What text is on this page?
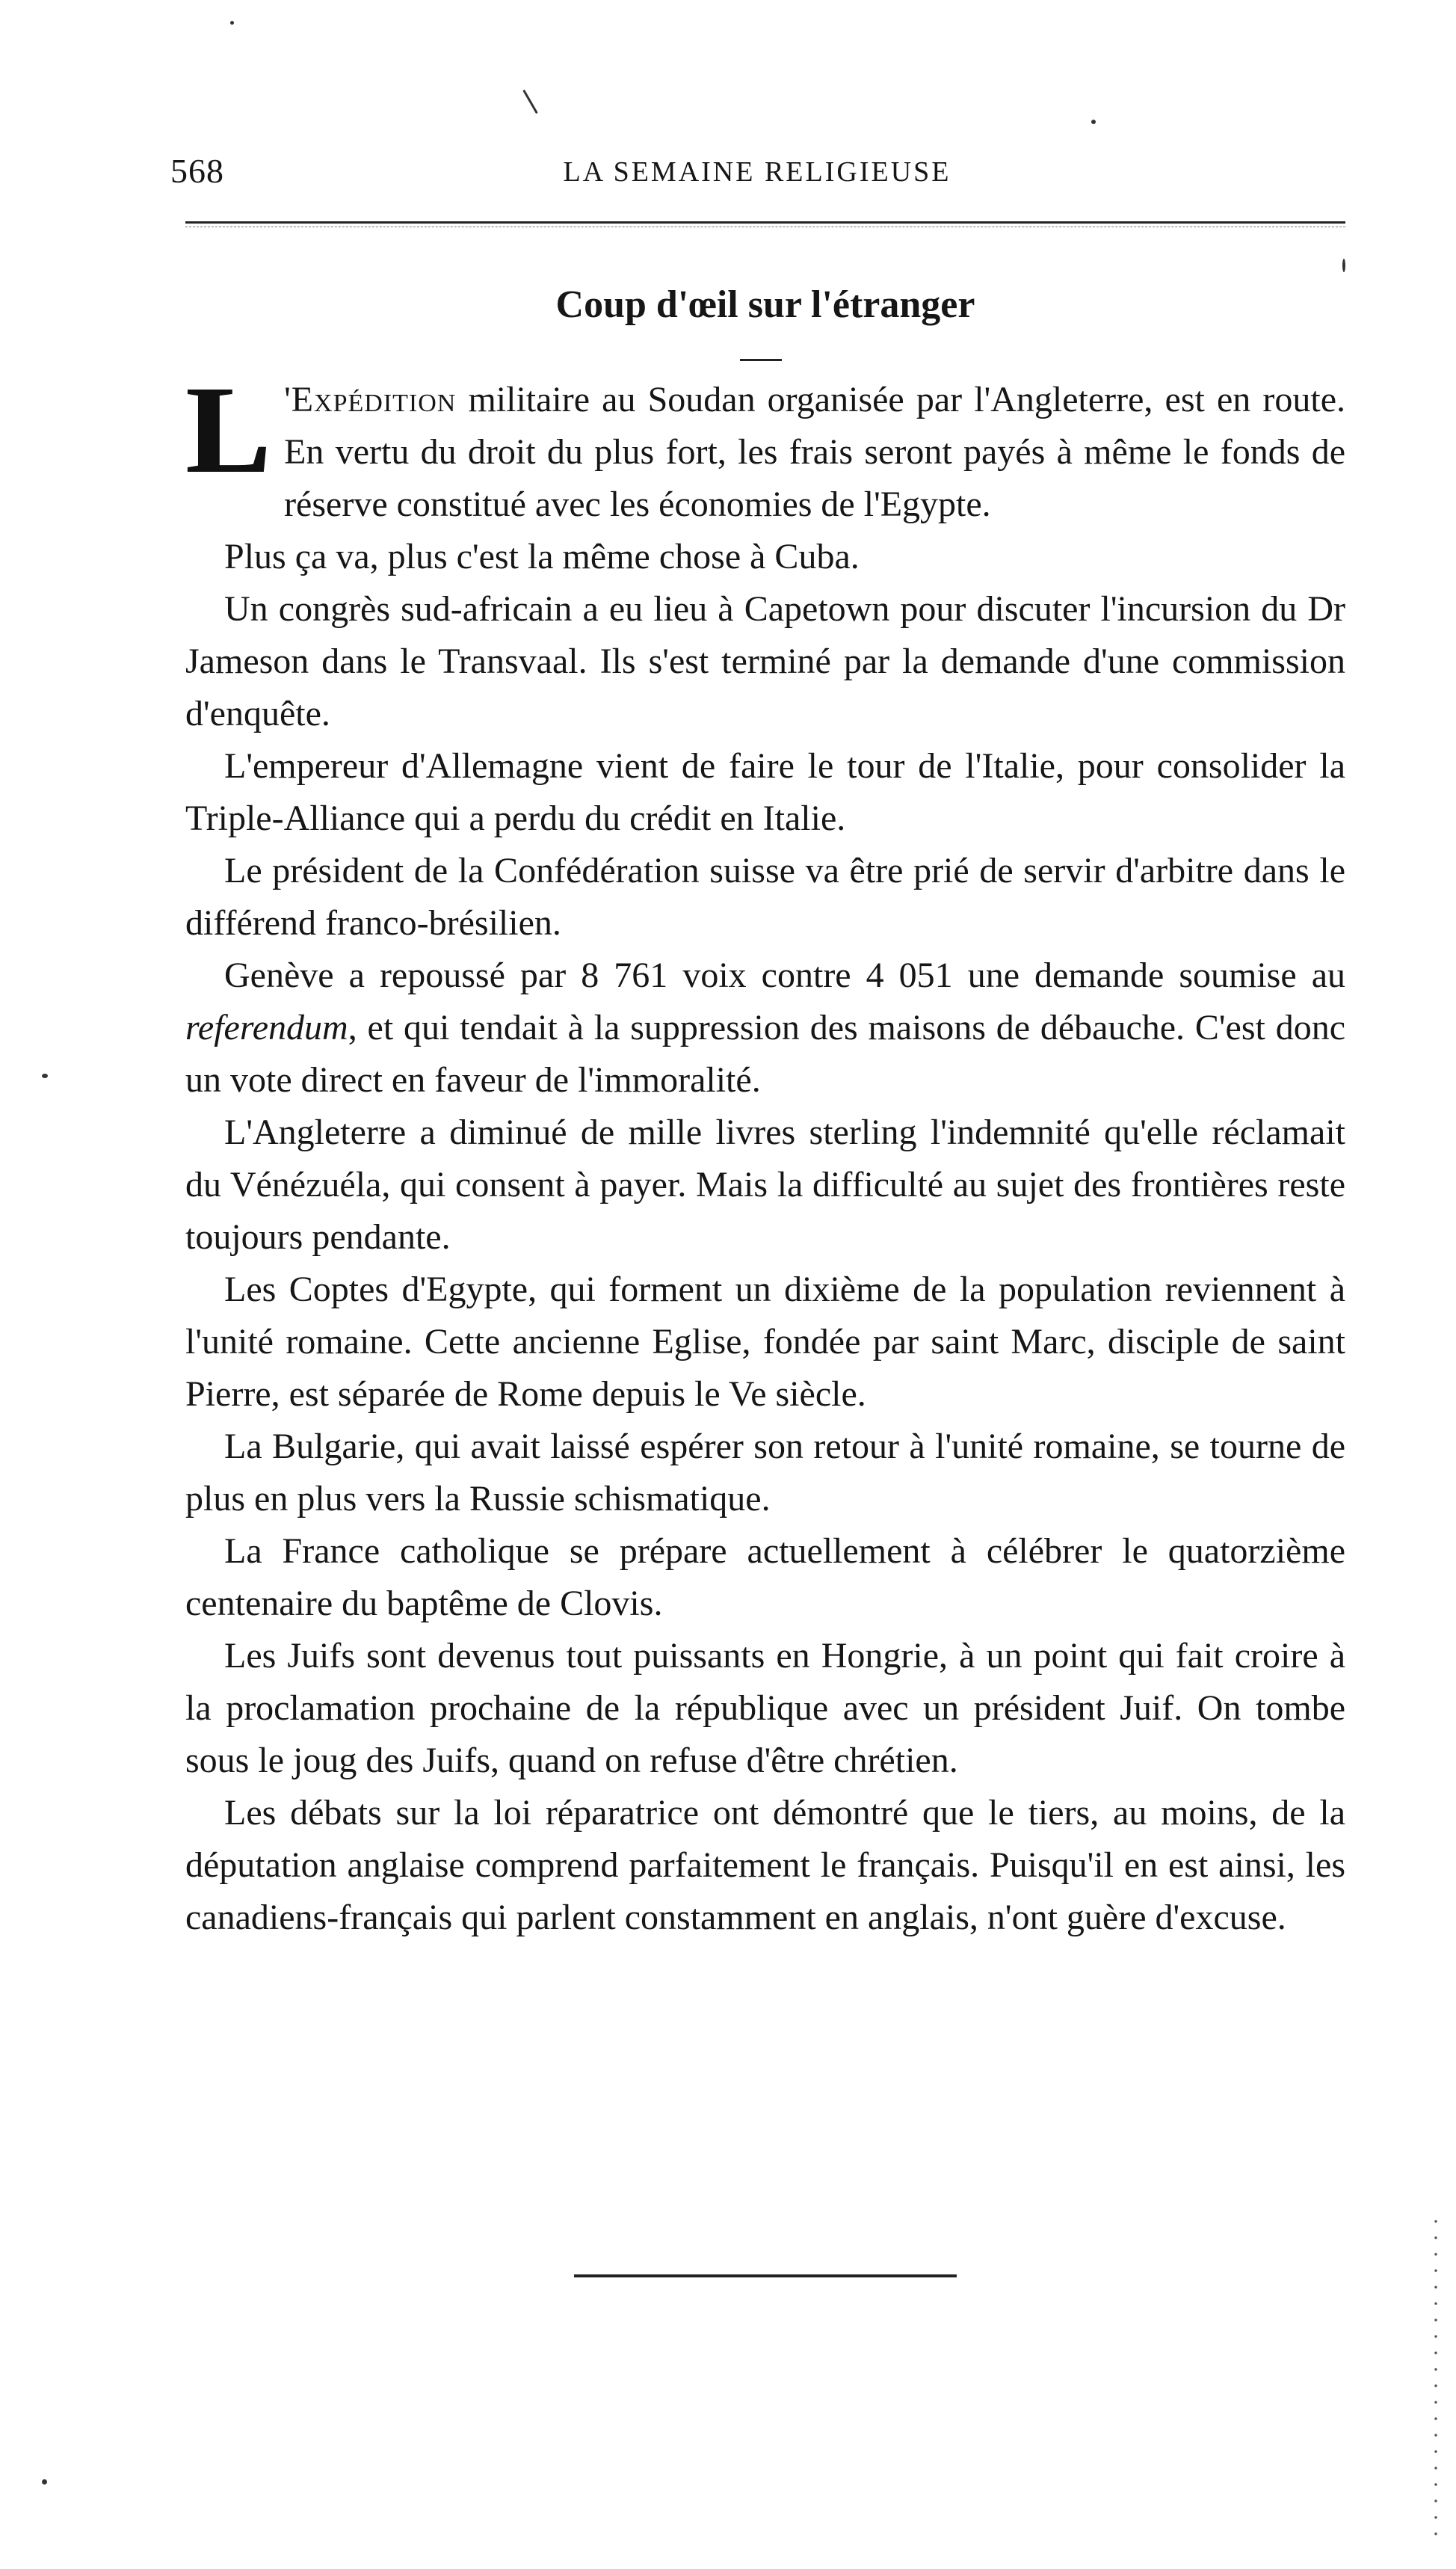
568	LA SEMAINE RELIGIEUSE
Coup d'œil sur l'étranger

L 'Expédition militaire au Soudan organisée par l'Angleterre, est en route. En vertu du droit du plus fort, les frais seront payés à même le fonds de réserve constitué avec les économies de l'Egypte.

Plus ça va, plus c'est la même chose à Cuba.

Un congrès sud-africain a eu lieu à Capetown pour discuter l'incursion du Dr Jameson dans le Transvaal. Ils s'est terminé par la demande d'une commission d'enquête.

L'empereur d'Allemagne vient de faire le tour de l'Italie, pour consolider la Triple-Alliance qui a perdu du crédit en Italie.

Le président de la Confédération suisse va être prié de servir d'arbitre dans le différend franco-brésilien.

Genève a repoussé par 8 761 voix contre 4 051 une demande soumise au referendum, et qui tendait à la suppression des maisons de débauche. C'est donc un vote direct en faveur de l'immoralité.

L'Angleterre a diminué de mille livres sterling l'indemnité qu'elle réclamait du Vénézuéla, qui consent à payer. Mais la difficulté au sujet des frontières reste toujours pendante.

Les Coptes d'Egypte, qui forment un dixième de la population reviennent à l'unité romaine. Cette ancienne Eglise, fondée par saint Marc, disciple de saint Pierre, est séparée de Rome depuis le Ve siècle.

La Bulgarie, qui avait laissé espérer son retour à l'unité romaine, se tourne de plus en plus vers la Russie schismatique.

La France catholique se prépare actuellement à célébrer le quatorzième centenaire du baptême de Clovis.

Les Juifs sont devenus tout puissants en Hongrie, à un point qui fait croire à la proclamation prochaine de la république avec un président Juif. On tombe sous le joug des Juifs, quand on refuse d'être chrétien.

Les débats sur la loi réparatrice ont démontré que le tiers, au moins, de la députation anglaise comprend parfaitement le français. Puisqu'il en est ainsi, les canadiens-français qui parlent constamment en anglais, n'ont guère d'excuse.
